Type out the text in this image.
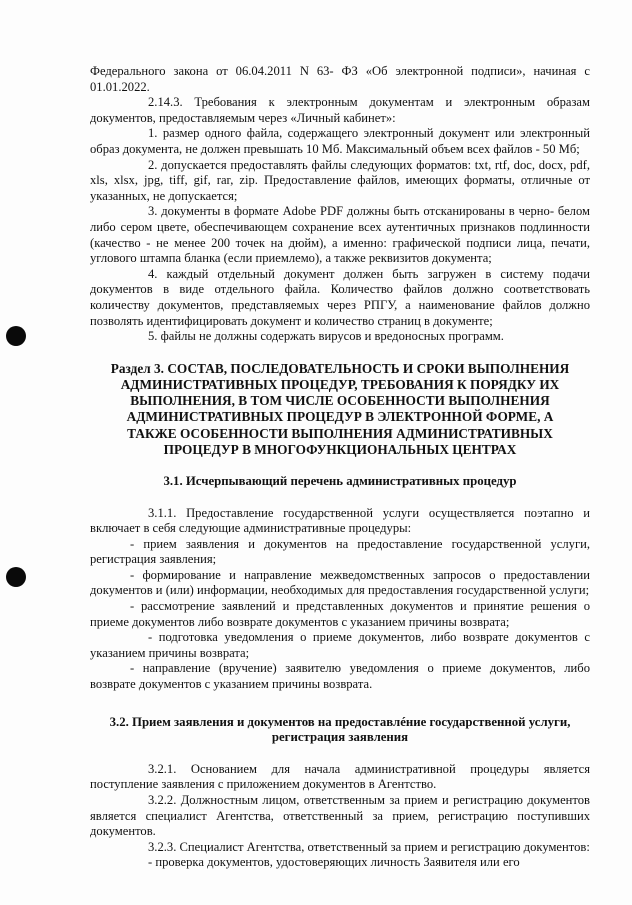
Федерального закона от 06.04.2011 N 63- ФЗ «Об электронной подписи», начиная с 01.01.2022.

2.14.3. Требования к электронным документам и электронным образам документов, предоставляемым через «Личный кабинет»:

1. размер одного файла, содержащего электронный документ или электронный образ документа, не должен превышать 10 Мб. Максимальный объем всех файлов - 50 Мб;

2. допускается предоставлять файлы следующих форматов: txt, rtf, doc, docx, pdf, xls, xlsx, jpg, tiff, gif, rar, zip. Предоставление файлов, имеющих форматы, отличные от указанных, не допускается;

3. документы в формате Adobe PDF должны быть отсканированы в черно- белом либо сером цвете, обеспечивающем сохранение всех аутентичных признаков подлинности (качество - не менее 200 точек на дюйм), а именно: графической подписи лица, печати, углового штампа бланка (если приемлемо), а также реквизитов документа;

4. каждый отдельный документ должен быть загружен в систему подачи документов в виде отдельного файла. Количество файлов должно соответствовать количеству документов, представляемых через РПГУ, а наименование файлов должно позволять идентифицировать документ и количество страниц в документе;

5. файлы не должны содержать вирусов и вредоносных программ.

Раздел 3. СОСТАВ, ПОСЛЕДОВАТЕЛЬНОСТЬ И СРОКИ ВЫПОЛНЕНИЯ АДМИНИСТРАТИВНЫХ ПРОЦЕДУР, ТРЕБОВАНИЯ К ПОРЯДКУ ИХ ВЫПОЛНЕНИЯ, В ТОМ ЧИСЛЕ ОСОБЕННОСТИ ВЫПОЛНЕНИЯ АДМИНИСТРАТИВНЫХ ПРОЦЕДУР В ЭЛЕКТРОННОЙ ФОРМЕ, А ТАКЖЕ ОСОБЕННОСТИ ВЫПОЛНЕНИЯ АДМИНИСТРАТИВНЫХ ПРОЦЕДУР В МНОГОФУНКЦИОНАЛЬНЫХ ЦЕНТРАХ

3.1. Исчерпывающий перечень административных процедур

3.1.1. Предоставление государственной услуги осуществляется поэтапно и включает в себя следующие административные процедуры:

- прием заявления и документов на предоставление государственной услуги, регистрация заявления;

- формирование и направление межведомственных запросов о предоставлении документов и (или) информации, необходимых для предоставления государственной услуги;

- рассмотрение заявлений и представленных документов и принятие решения о приеме документов либо возврате документов с указанием причины возврата;

- подготовка уведомления о приеме документов, либо возврате документов с указанием причины возврата;

- направление (вручение) заявителю уведомления о приеме документов, либо возврате документов с указанием причины возврата.

3.2. Прием заявления и документов на предоставлéние государственной услуги, регистрация заявления

3.2.1. Основанием для начала административной процедуры является поступление заявления с приложением документов в Агентство.

3.2.2. Должностным лицом, ответственным за прием и регистрацию документов является специалист Агентства, ответственный за прием, регистрацию поступивших документов.

3.2.3. Специалист Агентства, ответственный за прием и регистрацию документов:

- проверка документов, удостоверяющих личность Заявителя или его
